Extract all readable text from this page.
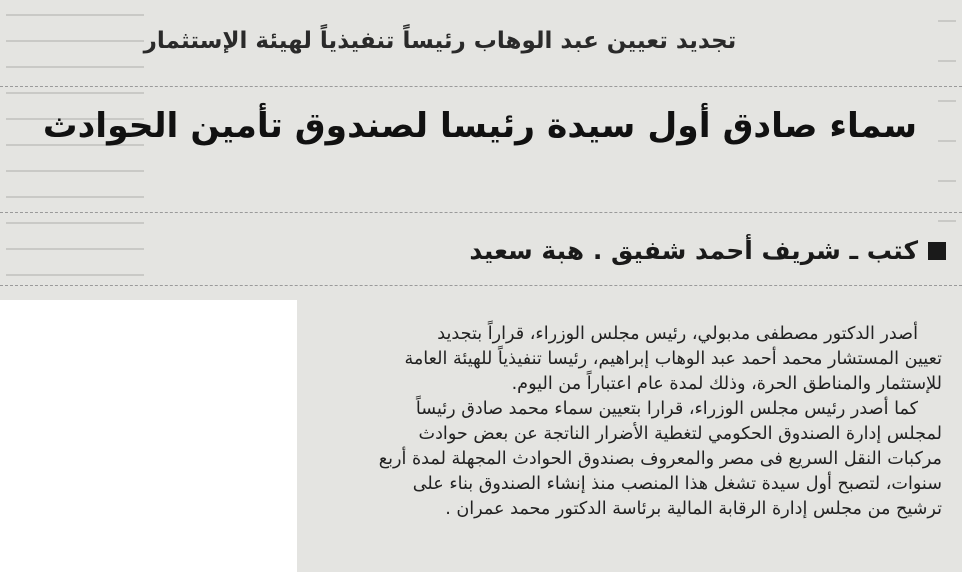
تجديد تعيين عبد الوهاب رئيساً تنفيذياً لهيئة الإستثمار
سماء صادق أول سيدة رئيسا لصندوق تأمين الحوادث
كتب ـ شريف أحمد شفيق . هبة سعيد

أصدر الدكتور مصطفى مدبولي، رئيس مجلس الوزراء، قراراً بتجديد

تعيين المستشار محمد أحمد عبد الوهاب إبراهيم، رئيسا تنفيذياً للهيئة العامة

للإستثمار والمناطق الحرة، وذلك لمدة عام اعتباراً من اليوم.

كما أصدر رئيس مجلس الوزراء، قرارا بتعيين سماء محمد صادق رئيساً

لمجلس إدارة الصندوق الحكومي لتغطية الأضرار الناتجة عن بعض حوادث

مركبات النقل السريع فى مصر والمعروف بصندوق الحوادث المجهلة لمدة أربع

سنوات، لتصبح أول سيدة تشغل هذا المنصب منذ إنشاء الصندوق بناء على

ترشيح من مجلس إدارة الرقابة المالية برئاسة الدكتور محمد عمران .
